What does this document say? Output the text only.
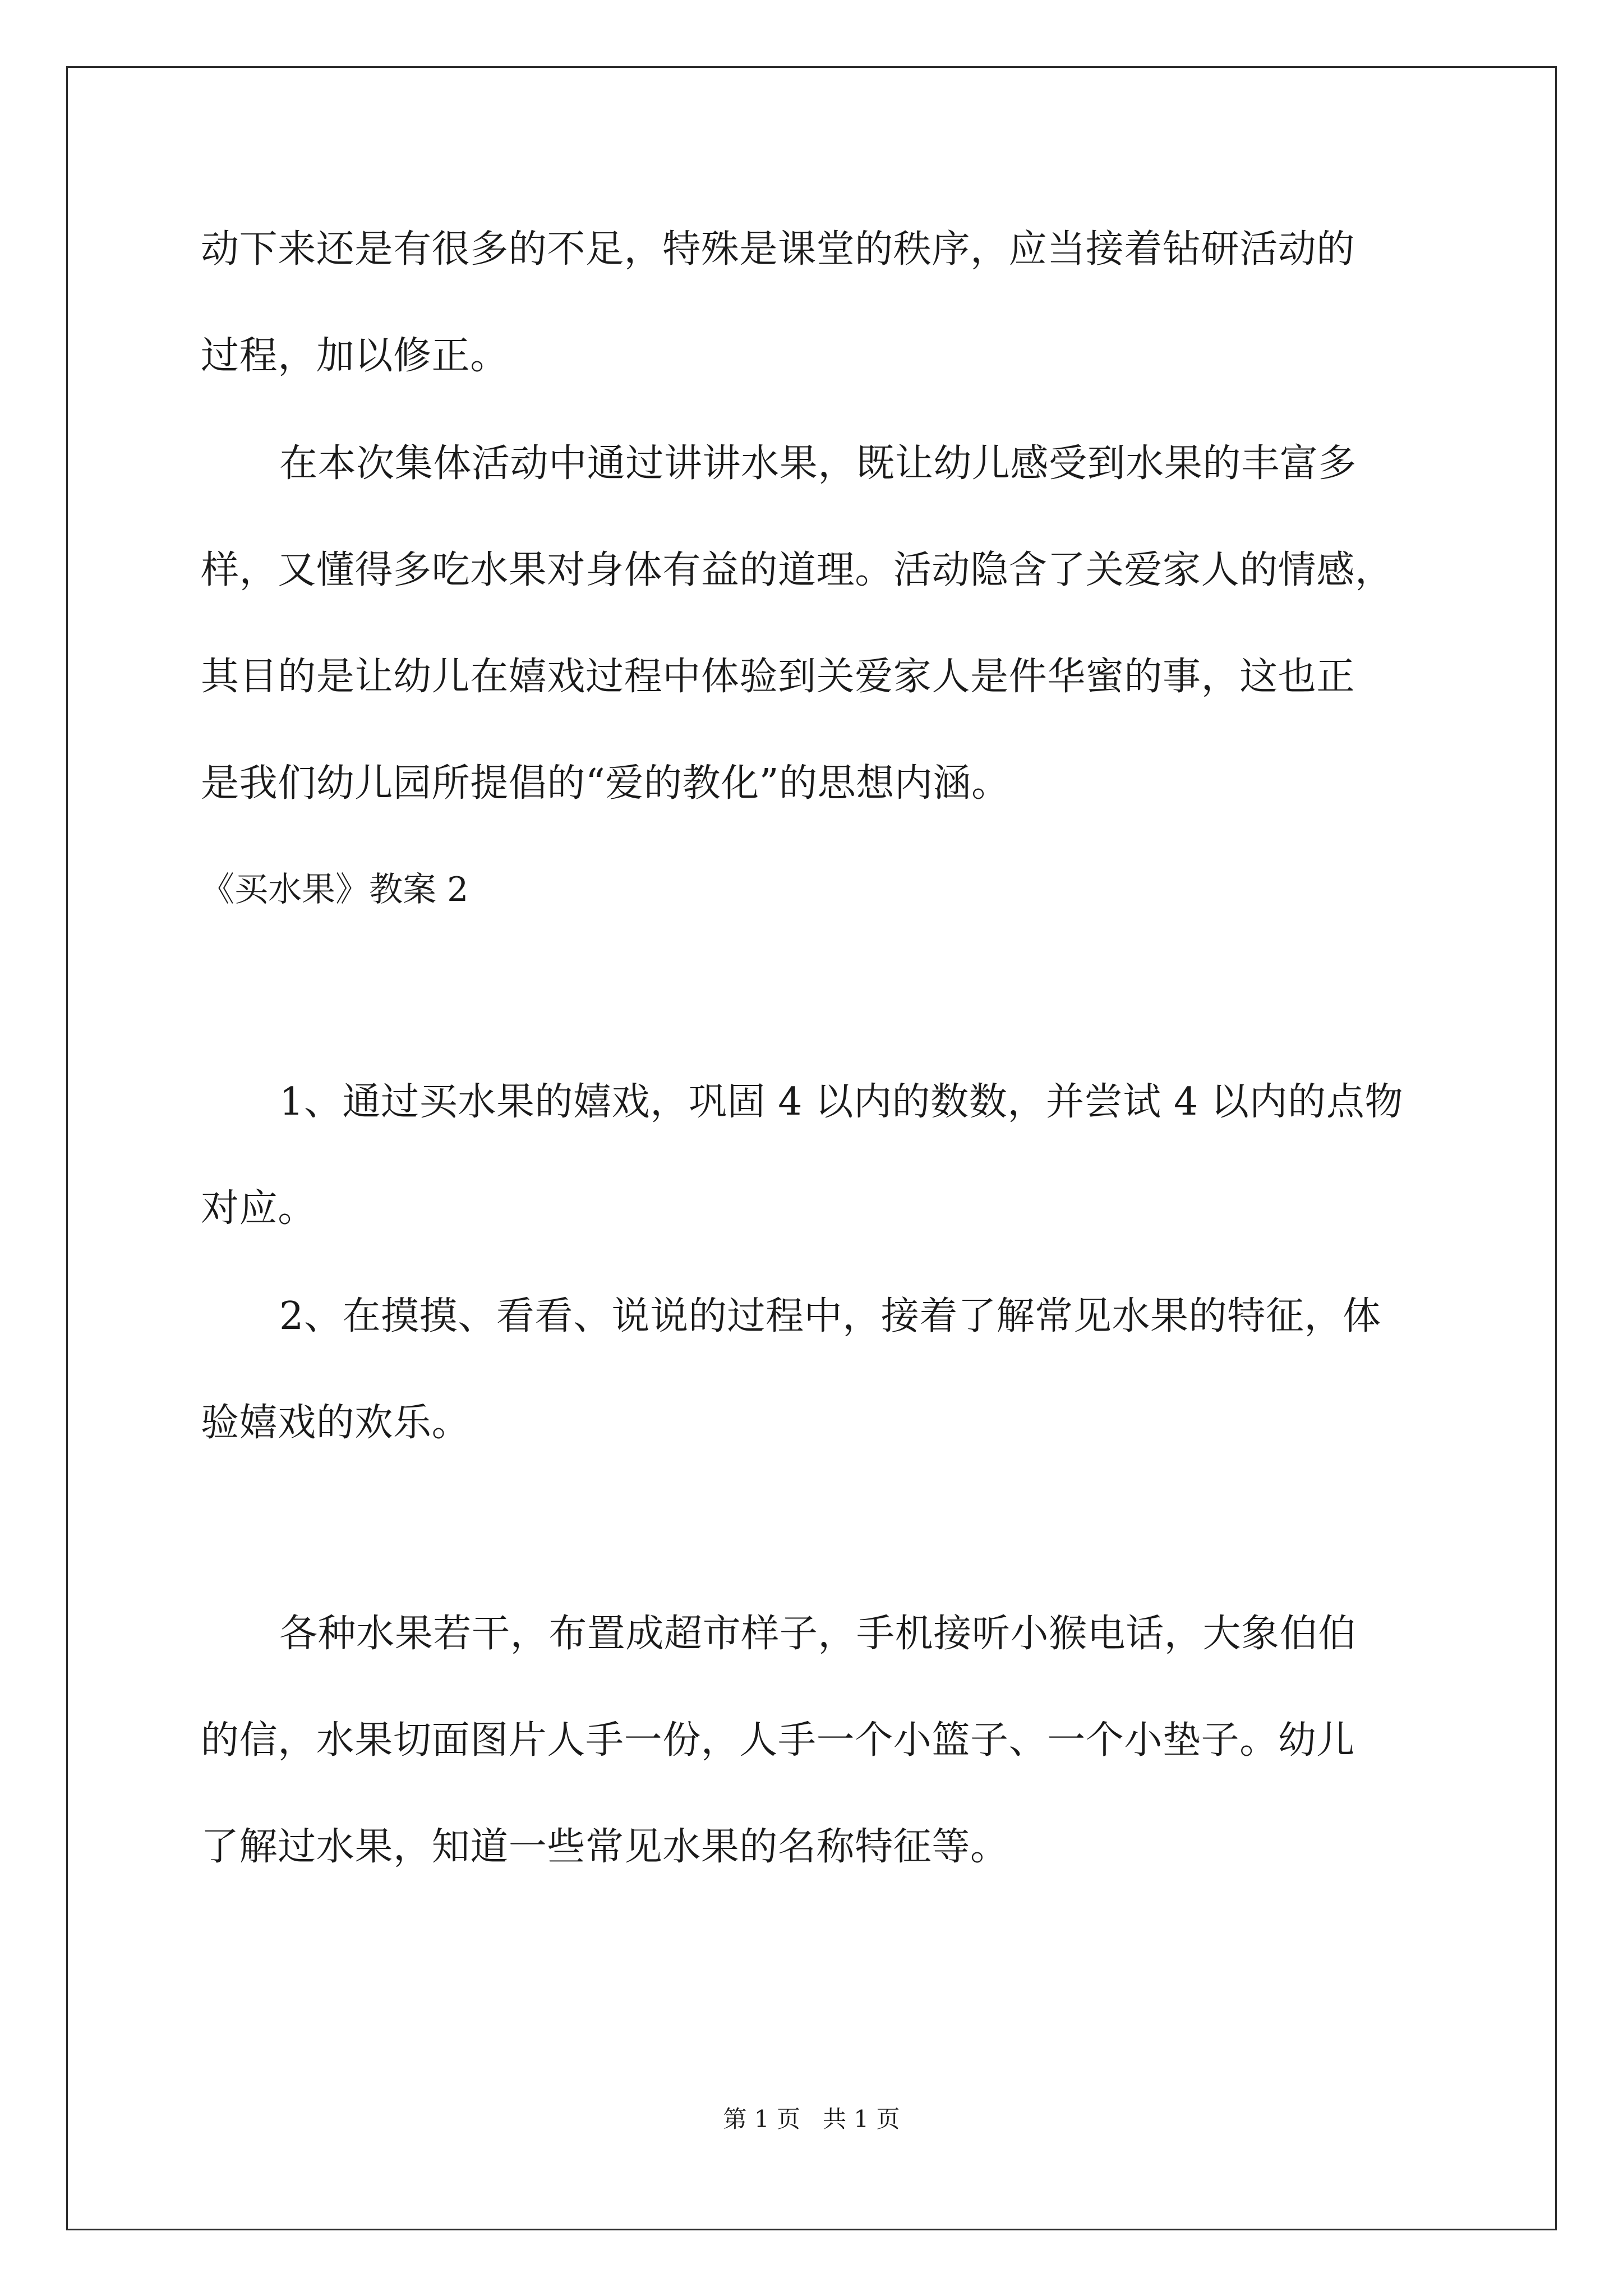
动下来还是有很多的不足，特殊是课堂的秩序，应当接着钻研活动的
过程，加以修正。
在本次集体活动中通过讲讲水果，既让幼儿感受到水果的丰富多
样，又懂得多吃水果对身体有益的道理。活动隐含了关爱家人的情感，
其目的是让幼儿在嬉戏过程中体验到关爱家人是件华蜜的事，这也正
是我们幼儿园所提倡的“爱的教化”的思想内涵。
《买水果》教案 2
1、通过买水果的嬉戏，巩固 4 以内的数数，并尝试 4 以内的点物
对应。
2、在摸摸、看看、说说的过程中，接着了解常见水果的特征，体
验嬉戏的欢乐。
各种水果若干，布置成超市样子，手机接听小猴电话，大象伯伯
的信，水果切面图片人手一份，人手一个小篮子、一个小垫子。幼儿
了解过水果，知道一些常见水果的名称特征等。
第 1 页   共 1 页
